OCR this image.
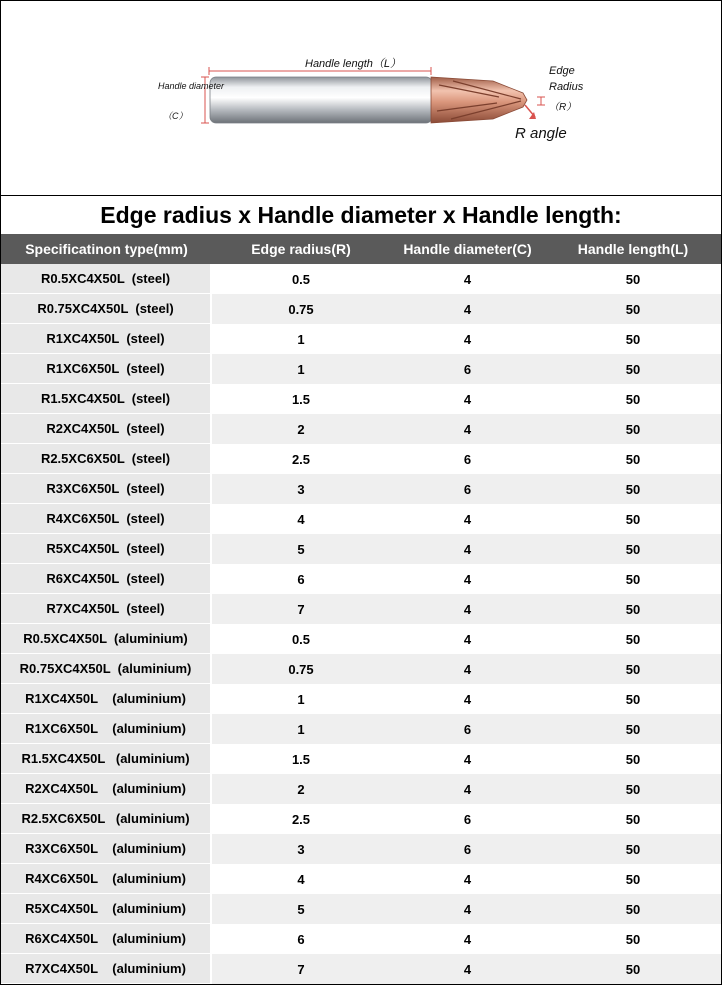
Handle length（L）
Handle diameter
（C）
Edge
Radius
（R）
R angle
Edge radius x Handle diameter x Handle length:
Specificatinon type(mm)	Edge radius(R)	Handle diameter(C)	Handle length(L)
R0.5XC4X50L  (steel)	0.5	4	50
R0.75XC4X50L  (steel)	0.75	4	50
R1XC4X50L  (steel)	1	4	50
R1XC6X50L  (steel)	1	6	50
R1.5XC4X50L  (steel)	1.5	4	50
R2XC4X50L  (steel)	2	4	50
R2.5XC6X50L  (steel)	2.5	6	50
R3XC6X50L  (steel)	3	6	50
R4XC6X50L  (steel)	4	4	50
R5XC4X50L  (steel)	5	4	50
R6XC4X50L  (steel)	6	4	50
R7XC4X50L  (steel)	7	4	50
R0.5XC4X50L  (aluminium)	0.5	4	50
R0.75XC4X50L  (aluminium)	0.75	4	50
R1XC4X50L    (aluminium)	1	4	50
R1XC6X50L    (aluminium)	1	6	50
R1.5XC4X50L   (aluminium)	1.5	4	50
R2XC4X50L    (aluminium)	2	4	50
R2.5XC6X50L   (aluminium)	2.5	6	50
R3XC6X50L    (aluminium)	3	6	50
R4XC6X50L    (aluminium)	4	4	50
R5XC4X50L    (aluminium)	5	4	50
R6XC4X50L    (aluminium)	6	4	50
R7XC4X50L    (aluminium)	7	4	50
